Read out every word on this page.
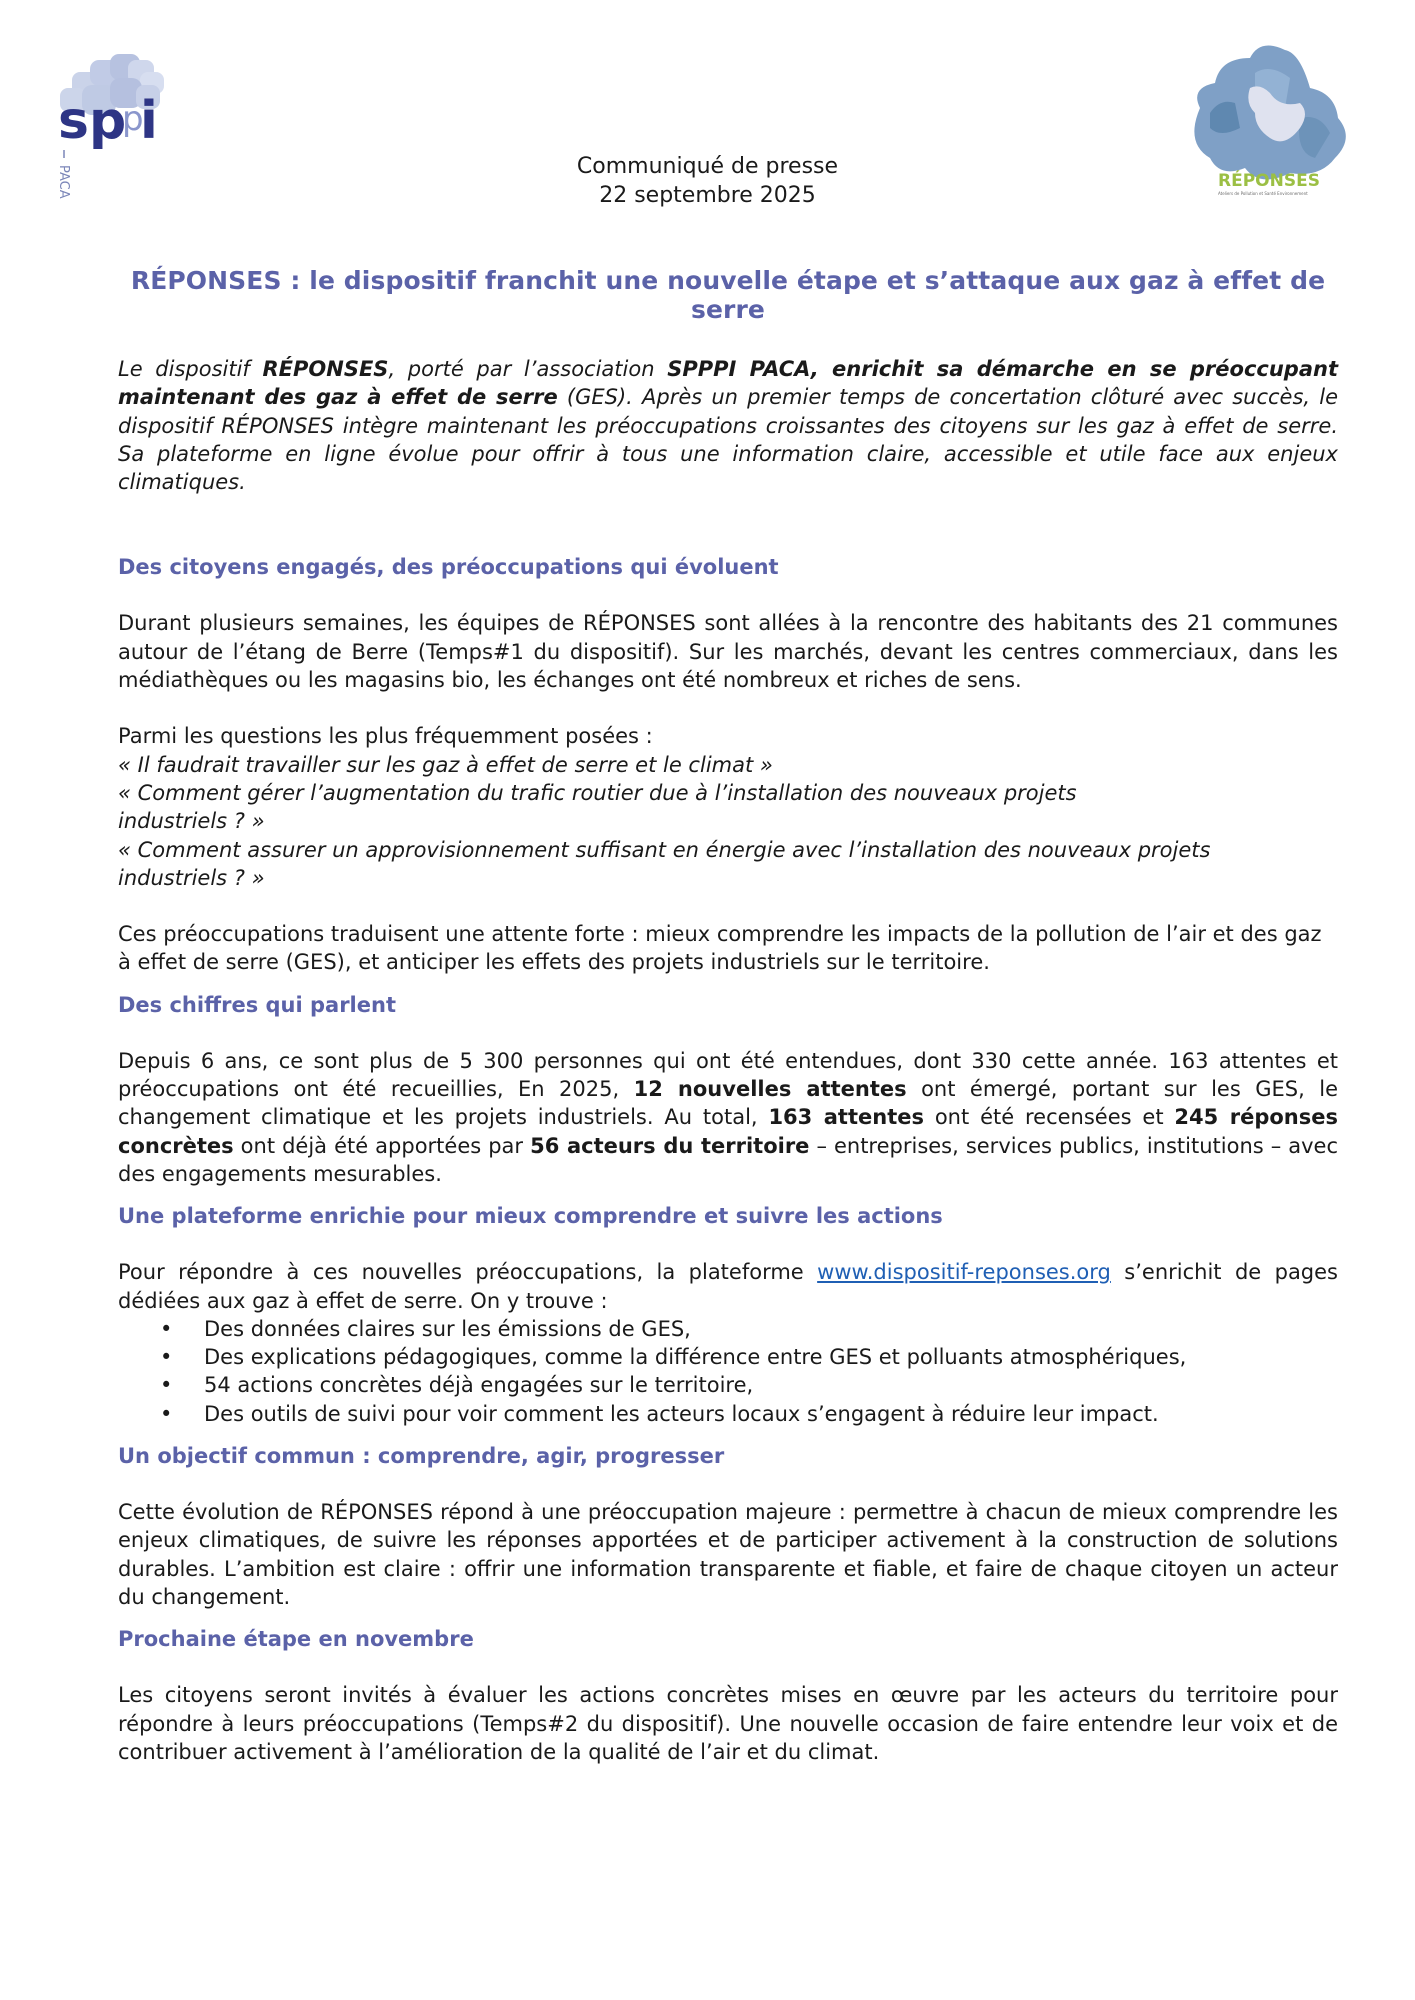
sp i
p
PACA	RÉPONSES
Ateliers de Pollution et Santé Environnement
Communiqué de presse
22 septembre 2025
RÉPONSES : le dispositif franchit une nouvelle étape et s’attaque aux gaz à effet de serre

Le dispositif RÉPONSES, porté par l’association SPPPI PACA, enrichit sa démarche en se préoccupant maintenant des gaz à effet de serre (GES). Après un premier temps de concertation clôturé avec succès, le dispositif RÉPONSES intègre maintenant les préoccupations croissantes des citoyens sur les gaz à effet de serre. Sa plateforme en ligne évolue pour offrir à tous une information claire, accessible et utile face aux enjeux climatiques.

Des citoyens engagés, des préoccupations qui évoluent

Durant plusieurs semaines, les équipes de RÉPONSES sont allées à la rencontre des habitants des 21 communes autour de l’étang de Berre (Temps#1 du dispositif). Sur les marchés, devant les centres commerciaux, dans les médiathèques ou les magasins bio, les échanges ont été nombreux et riches de sens.

Parmi les questions les plus fréquemment posées :

« Il faudrait travailler sur les gaz à effet de serre et le climat »

« Comment gérer l’augmentation du trafic routier due à l’installation des nouveaux projets industriels ? »

« Comment assurer un approvisionnement suffisant en énergie avec l’installation des nouveaux projets industriels ? »

Ces préoccupations traduisent une attente forte : mieux comprendre les impacts de la pollution de l’air et des gaz à effet de serre (GES), et anticiper les effets des projets industriels sur le territoire.

Des chiffres qui parlent

Depuis 6 ans, ce sont plus de 5 300 personnes qui ont été entendues, dont 330 cette année. 163 attentes et préoccupations ont été recueillies, En 2025, 12 nouvelles attentes ont émergé, portant sur les GES, le changement climatique et les projets industriels. Au total, 163 attentes ont été recensées et 245 réponses concrètes ont déjà été apportées par 56 acteurs du territoire – entreprises, services publics, institutions – avec des engagements mesurables.

Une plateforme enrichie pour mieux comprendre et suivre les actions

Pour répondre à ces nouvelles préoccupations, la plateforme www.dispositif-reponses.org s’enrichit de pages dédiées aux gaz à effet de serre. On y trouve :

• Des données claires sur les émissions de GES,
• Des explications pédagogiques, comme la différence entre GES et polluants atmosphériques,
• 54 actions concrètes déjà engagées sur le territoire,
• Des outils de suivi pour voir comment les acteurs locaux s’engagent à réduire leur impact.
Un objectif commun : comprendre, agir, progresser

Cette évolution de RÉPONSES répond à une préoccupation majeure : permettre à chacun de mieux comprendre les enjeux climatiques, de suivre les réponses apportées et de participer activement à la construction de solutions durables. L’ambition est claire : offrir une information transparente et fiable, et faire de chaque citoyen un acteur du changement.

Prochaine étape en novembre

Les citoyens seront invités à évaluer les actions concrètes mises en œuvre par les acteurs du territoire pour répondre à leurs préoccupations (Temps#2 du dispositif). Une nouvelle occasion de faire entendre leur voix et de contribuer activement à l’amélioration de la qualité de l’air et du climat.
